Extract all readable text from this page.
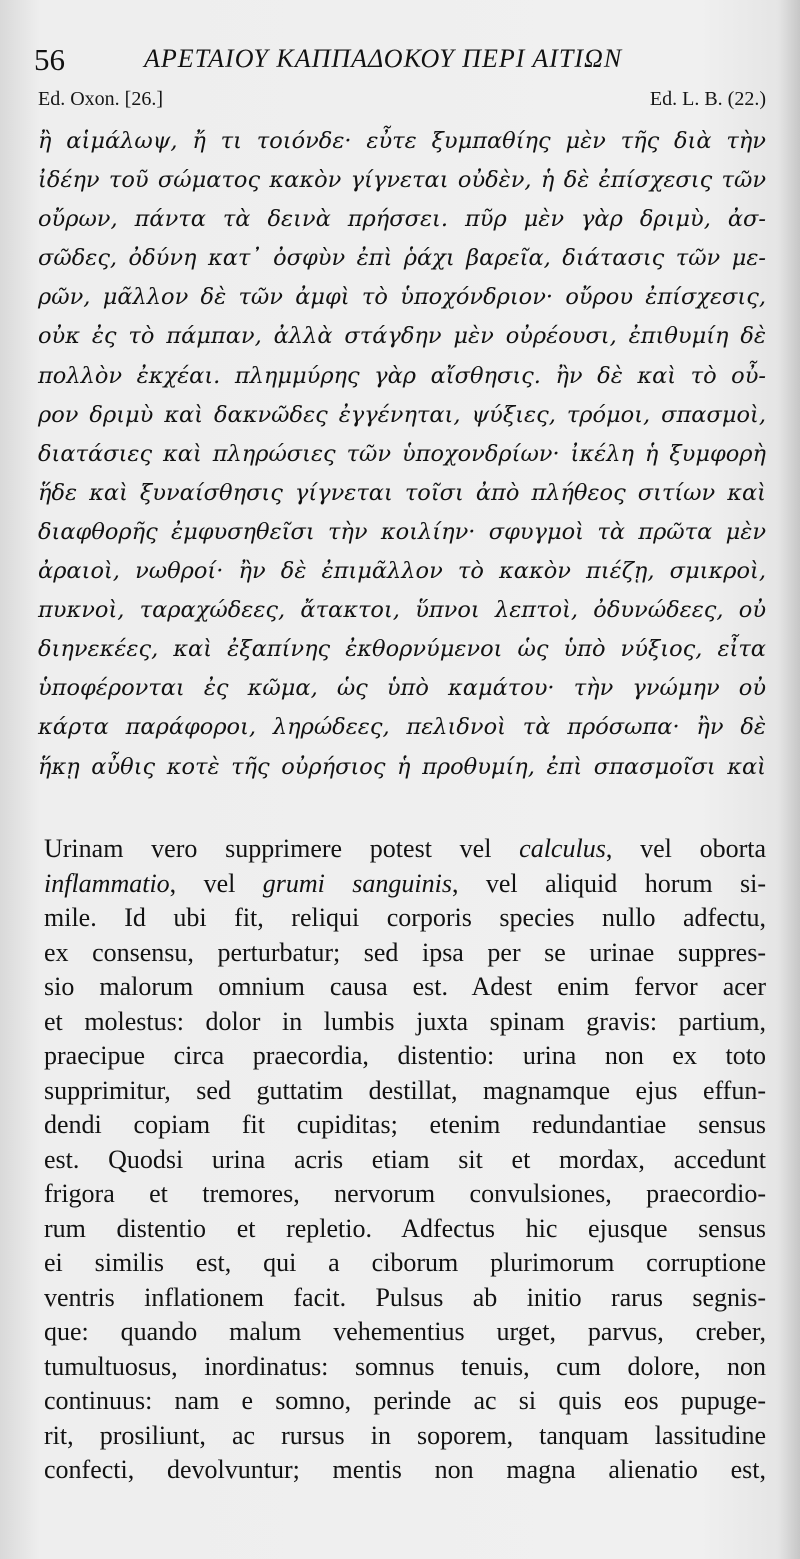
56	ΑΡΕΤΑΙΟΥ ΚΑΠΠΑΔΟΚΟΥ ΠΕΡΙ ΑΙΤΙΩΝ
Ed. Oxon. [26.]	Ed. L. B. (22.)
ἢ αἱμάλωψ, ἤ τι τοιόνδε· εὖτε ξυμπαθίης μὲν τῆς διὰ τὴν
ἰδέην τοῦ σώματος κακὸν γίγνεται οὐδὲν, ἡ δὲ ἐπίσχεσις τῶν
οὔρων, πάντα τὰ δεινὰ πρήσσει. πῦρ μὲν γὰρ δριμὺ, ἀσ-
σῶδες, ὀδύνη κατ᾽ ὀσφὺν ἐπὶ ῥάχι βαρεῖα, διάτασις τῶν με-
ρῶν, μᾶλλον δὲ τῶν ἀμφὶ τὸ ὑποχόνδριον· οὔρου ἐπίσχεσις,
οὐκ ἐς τὸ πάμπαν, ἀλλὰ στάγδην μὲν οὐρέουσι, ἐπιθυμίη δὲ
πολλὸν ἐκχέαι. πλημμύρης γὰρ αἴσθησις. ἢν δὲ καὶ τὸ οὖ-
ρον δριμὺ καὶ δακνῶδες ἐγγένηται, ψύξιες, τρόμοι, σπασμοὶ,
διατάσιες καὶ πληρώσιες τῶν ὑποχονδρίων· ἰκέλη ἡ ξυμφορὴ
ἥδε καὶ ξυναίσθησις γίγνεται τοῖσι ἀπὸ πλήθεος σιτίων καὶ
διαφθορῆς ἐμφυσηθεῖσι τὴν κοιλίην· σφυγμοὶ τὰ πρῶτα μὲν
ἀραιοὶ, νωθροί· ἢν δὲ ἐπιμᾶλλον τὸ κακὸν πιέζῃ, σμικροὶ,
πυκνοὶ, ταραχώδεες, ἄτακτοι, ὕπνοι λεπτοὶ, ὀδυνώδεες, οὐ
διηνεκέες, καὶ ἐξαπίνης ἐκθορνύμενοι ὡς ὑπὸ νύξιος, εἶτα
ὑποφέρονται ἐς κῶμα, ὡς ὑπὸ καμάτου· τὴν γνώμην οὐ
κάρτα παράφοροι, ληρώδεες, πελιδνοὶ τὰ πρόσωπα· ἢν δὲ
ἥκῃ αὖθις κοτὲ τῆς οὐρήσιος ἡ προθυμίη, ἐπὶ σπασμοῖσι καὶ
Urinam vero supprimere potest vel calculus, vel oborta
inflammatio, vel grumi sanguinis, vel aliquid horum si-
mile. Id ubi fit, reliqui corporis species nullo adfectu,
ex consensu, perturbatur; sed ipsa per se urinae suppres-
sio malorum omnium causa est. Adest enim fervor acer
et molestus: dolor in lumbis juxta spinam gravis: partium,
praecipue circa praecordia, distentio: urina non ex toto
supprimitur, sed guttatim destillat, magnamque ejus effun-
dendi copiam fit cupiditas; etenim redundantiae sensus
est. Quodsi urina acris etiam sit et mordax, accedunt
frigora et tremores, nervorum convulsiones, praecordio-
rum distentio et repletio. Adfectus hic ejusque sensus
ei similis est, qui a ciborum plurimorum corruptione
ventris inflationem facit. Pulsus ab initio rarus segnis-
que: quando malum vehementius urget, parvus, creber,
tumultuosus, inordinatus: somnus tenuis, cum dolore, non
continuus: nam e somno, perinde ac si quis eos pupuge-
rit, prosiliunt, ac rursus in soporem, tanquam lassitudine
confecti, devolvuntur; mentis non magna alienatio est,
